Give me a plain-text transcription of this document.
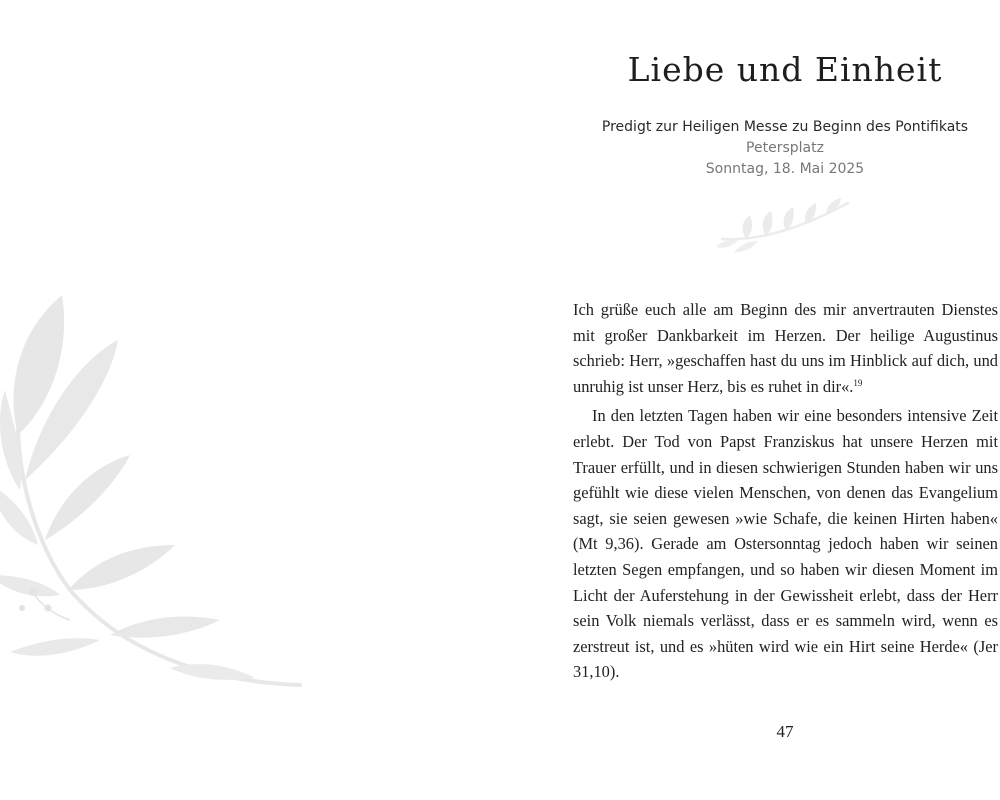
Liebe und Einheit
Predigt zur Heiligen Messe zu Beginn des Pontifikats
Petersplatz
Sonntag, 18. Mai 2025

Ich grüße euch alle am Beginn des mir anvertrauten Dienstes mit großer Dankbarkeit im Herzen. Der heilige Augustinus schrieb: Herr, »geschaffen hast du uns im Hinblick auf dich, und unruhig ist unser Herz, bis es ruhet in dir«.$^{19}$

In den letzten Tagen haben wir eine besonders intensive Zeit erlebt. Der Tod von Papst Franziskus hat unsere Herzen mit Trauer erfüllt, und in diesen schwierigen Stunden haben wir uns gefühlt wie diese vielen Menschen, von denen das Evangelium sagt, sie seien gewesen »wie Schafe, die keinen Hirten haben« (Mt 9,36). Gerade am Ostersonntag jedoch haben wir seinen letzten Segen empfangen, und so haben wir diesen Moment im Licht der Auferstehung in der Gewissheit erlebt, dass der Herr sein Volk niemals verlässt, dass er es sammeln wird, wenn es zerstreut ist, und es »hüten wird wie ein Hirt seine Herde« (Jer 31,10).

47
